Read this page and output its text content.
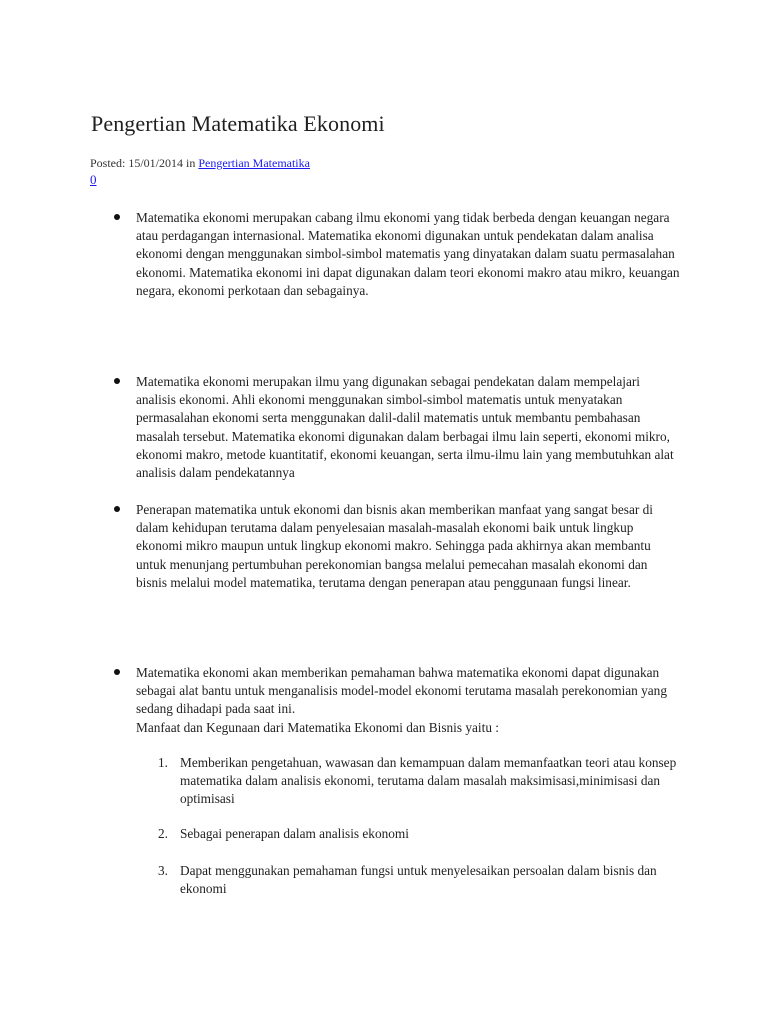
Pengertian Matematika Ekonomi
Posted: 15/01/2014 in Pengertian Matematika
0

Matematika ekonomi merupakan cabang ilmu ekonomi yang tidak berbeda dengan keuangan negara atau perdagangan internasional. Matematika ekonomi digunakan untuk pendekatan dalam analisa ekonomi dengan menggunakan simbol-simbol matematis yang dinyatakan dalam suatu permasalahan ekonomi. Matematika ekonomi ini dapat digunakan dalam teori ekonomi makro atau mikro, keuangan negara, ekonomi perkotaan dan sebagainya.

Matematika ekonomi merupakan ilmu yang digunakan sebagai pendekatan dalam mempelajari analisis ekonomi. Ahli ekonomi menggunakan simbol-simbol matematis untuk menyatakan permasalahan ekonomi serta menggunakan dalil-dalil matematis untuk membantu pembahasan masalah tersebut. Matematika ekonomi digunakan dalam berbagai ilmu lain seperti, ekonomi mikro, ekonomi makro, metode kuantitatif, ekonomi keuangan, serta ilmu-ilmu lain yang membutuhkan alat analisis dalam pendekatannya

Penerapan matematika untuk ekonomi dan bisnis akan memberikan manfaat yang sangat besar di dalam kehidupan terutama dalam penyelesaian masalah-masalah ekonomi baik untuk lingkup ekonomi mikro maupun untuk lingkup ekonomi makro. Sehingga pada akhirnya akan membantu untuk menunjang pertumbuhan perekonomian bangsa melalui pemecahan masalah ekonomi dan bisnis melalui model matematika, terutama dengan penerapan atau penggunaan fungsi linear.

Matematika ekonomi akan memberikan pemahaman bahwa matematika ekonomi dapat digunakan sebagai alat bantu untuk menganalisis model-model ekonomi terutama masalah perekonomian yang sedang dihadapi pada saat ini.

Manfaat dan Kegunaan dari Matematika Ekonomi dan Bisnis yaitu :

1. Memberikan pengetahuan, wawasan dan kemampuan dalam memanfaatkan teori atau konsep matematika dalam analisis ekonomi, terutama dalam masalah maksimisasi,minimisasi dan optimisasi
2. Sebagai penerapan dalam analisis ekonomi
3. Dapat menggunakan pemahaman fungsi untuk menyelesaikan persoalan dalam bisnis dan ekonomi
